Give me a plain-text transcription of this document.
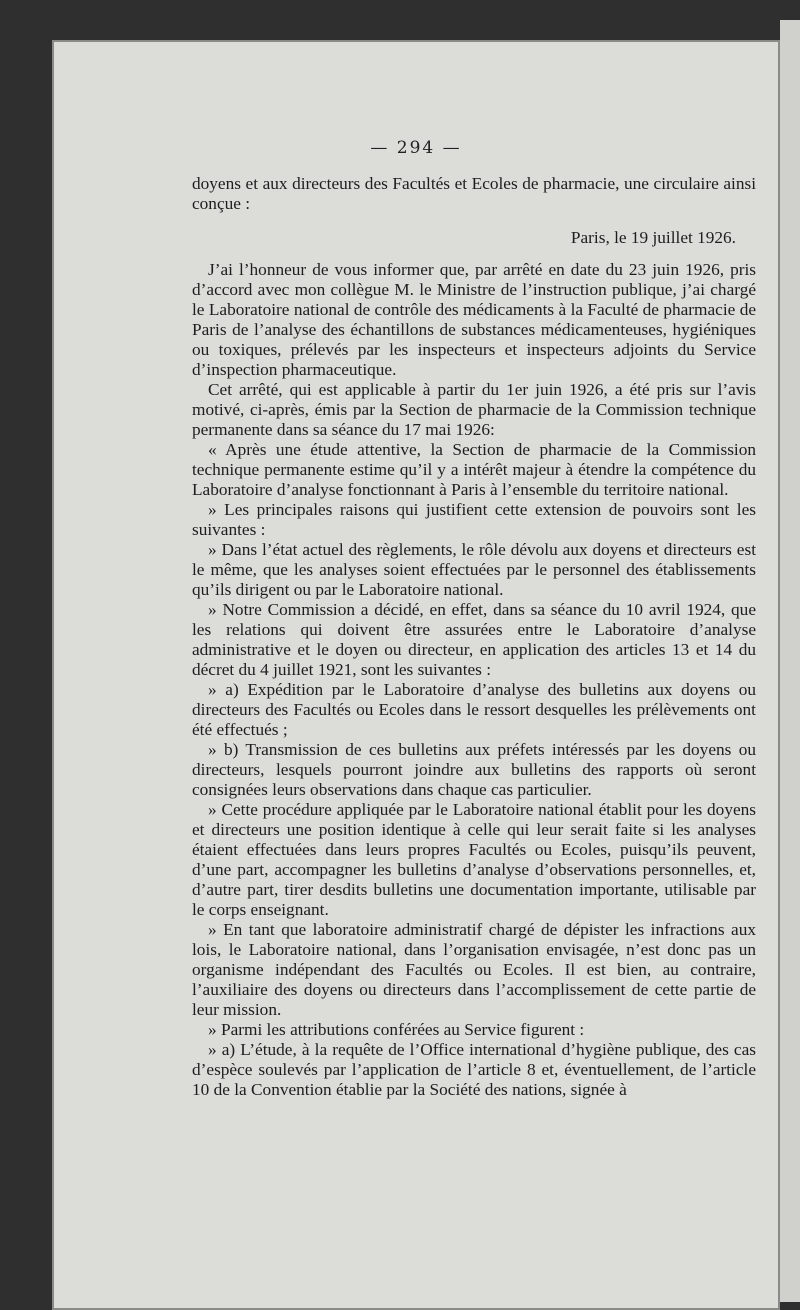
— 294 —

doyens et aux directeurs des Facultés et Ecoles de pharmacie, une circulaire ainsi conçue :

Paris, le 19 juillet 1926.

J’ai l’honneur de vous informer que, par arrêté en date du 23 juin 1926, pris d’accord avec mon collègue M. le Ministre de l’instruction publique, j’ai chargé le Laboratoire national de contrôle des médicaments à la Faculté de pharmacie de Paris de l’analyse des échantillons de substances médicamenteuses, hygiéniques ou toxiques, prélevés par les inspecteurs et inspecteurs adjoints du Service d’inspection pharmaceutique.

Cet arrêté, qui est applicable à partir du 1er juin 1926, a été pris sur l’avis motivé, ci-après, émis par la Section de pharmacie de la Commission technique permanente dans sa séance du 17 mai 1926:

« Après une étude attentive, la Section de pharmacie de la Commission technique permanente estime qu’il y a intérêt majeur à étendre la compétence du Laboratoire d’analyse fonctionnant à Paris à l’ensemble du territoire national.

» Les principales raisons qui justifient cette extension de pouvoirs sont les suivantes :

» Dans l’état actuel des règlements, le rôle dévolu aux doyens et directeurs est le même, que les analyses soient effectuées par le personnel des établissements qu’ils dirigent ou par le Laboratoire national.

» Notre Commission a décidé, en effet, dans sa séance du 10 avril 1924, que les relations qui doivent être assurées entre le Laboratoire d’analyse administrative et le doyen ou directeur, en application des articles 13 et 14 du décret du 4 juillet 1921, sont les suivantes :

» a) Expédition par le Laboratoire d’analyse des bulletins aux doyens ou directeurs des Facultés ou Ecoles dans le ressort desquelles les prélèvements ont été effectués ;

» b) Transmission de ces bulletins aux préfets intéressés par les doyens ou directeurs, lesquels pourront joindre aux bulletins des rapports où seront consignées leurs observations dans chaque cas particulier.

» Cette procédure appliquée par le Laboratoire national établit pour les doyens et directeurs une position identique à celle qui leur serait faite si les analyses étaient effectuées dans leurs propres Facultés ou Ecoles, puisqu’ils peuvent, d’une part, accompagner les bulletins d’analyse d’observations personnelles, et, d’autre part, tirer desdits bulletins une documentation importante, utilisable par le corps enseignant.

» En tant que laboratoire administratif chargé de dépister les infractions aux lois, le Laboratoire national, dans l’organisation envisagée, n’est donc pas un organisme indépendant des Facultés ou Ecoles. Il est bien, au contraire, l’auxiliaire des doyens ou directeurs dans l’accomplissement de cette partie de leur mission.

» Parmi les attributions conférées au Service figurent :

» a) L’étude, à la requête de l’Office international d’hygiène publique, des cas d’espèce soulevés par l’application de l’article 8 et, éventuellement, de l’article 10 de la Convention établie par la Société des nations, signée à
